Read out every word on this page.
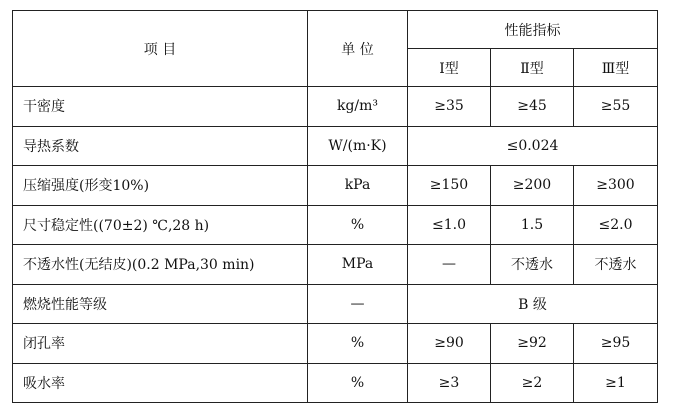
项 目	单 位	性能指标		
		Ⅰ型	Ⅱ型	Ⅲ型
干密度	kg/m³	≥35	≥45	≥55
导热系数	W/(m·K)	≤0.024		
压缩强度(形变10%)	kPa	≥150	≥200	≥300
尺寸稳定性((70±2) ℃,28 h)	%	≤1.0	1.5	≤2.0
不透水性(无结皮)(0.2 MPa,30 min)	MPa	—	不透水	不透水
燃烧性能等级	—	B 级		
闭孔率	%	≥90	≥92	≥95
吸水率	%	≥3	≥2	≥1
